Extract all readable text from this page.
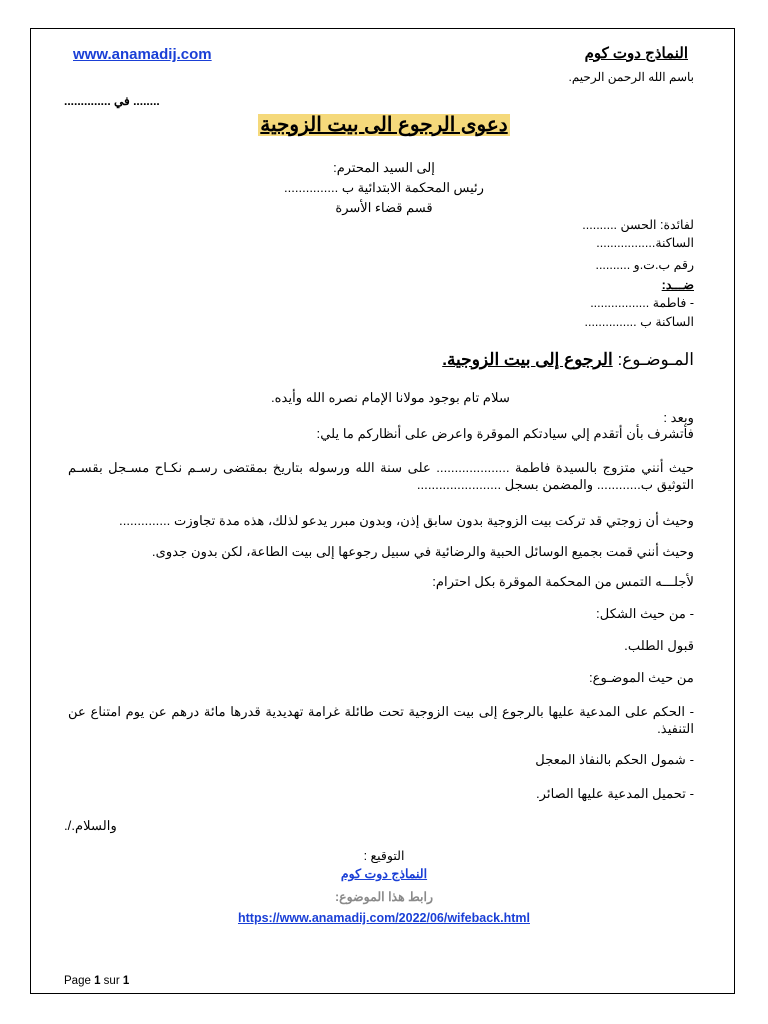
www.anamadij.com	النماذج دوت كوم
باسم الله الرحمن الرحيم.
........ في ..............
دعوى الرجوع الى بيت الزوجية
إلى السيد المحترم:
رئيس المحكمة الابتدائية ب ...............
قسم قضاء الأسرة
لفائدة: الحسن ..........
الساكنة.................
رقم ب.ت.و ..........
ضـــد:
- فاطمة .................
الساكنة ب ...............
المـوضـوع: الرجوع إلى بيت الزوجية.
سلام تام بوجود مولانا الإمام نصره الله وأيده.
وبعد :
فأتشرف بأن أتقدم إلي سيادتكم الموقرة واعرض على أنظاركم ما يلي:
حيث أنني متزوج بالسيدة فاطمة .................... على سنة الله ورسوله بتاريخ بمقتضى رسـم نكـاح مسـجل بقسـم التوثيق ب............ والمضمن بسجل .......................
وحيث أن زوجتي قد تركت بيت الزوجية بدون سابق إذن، وبدون مبرر يدعو لذلك، هذه مدة تجاوزت ..............
وحيث أنني قمت بجميع الوسائل الحبية والرضائية في سبيل رجوعها إلى بيت الطاعة، لكن بدون جدوى.
لأجلـــه التمس من المحكمة الموقرة بكل احترام:
- من حيث الشكل:
قبول الطلب.
من حيث الموضـوع:
- الحكم على المدعية عليها بالرجوع إلى بيت الزوجية تحت طائلة غرامة تهديدية قدرها مائة درهم عن يوم امتناع عن التنفيذ.
- شمول الحكم بالنفاذ المعجل
- تحميل المدعية عليها الصائر.
والسلام./.
التوقيع :
النماذج دوت كوم
رابط هذا الموضوع:
https://www.anamadij.com/2022/06/wifeback.html
Page 1 sur 1
